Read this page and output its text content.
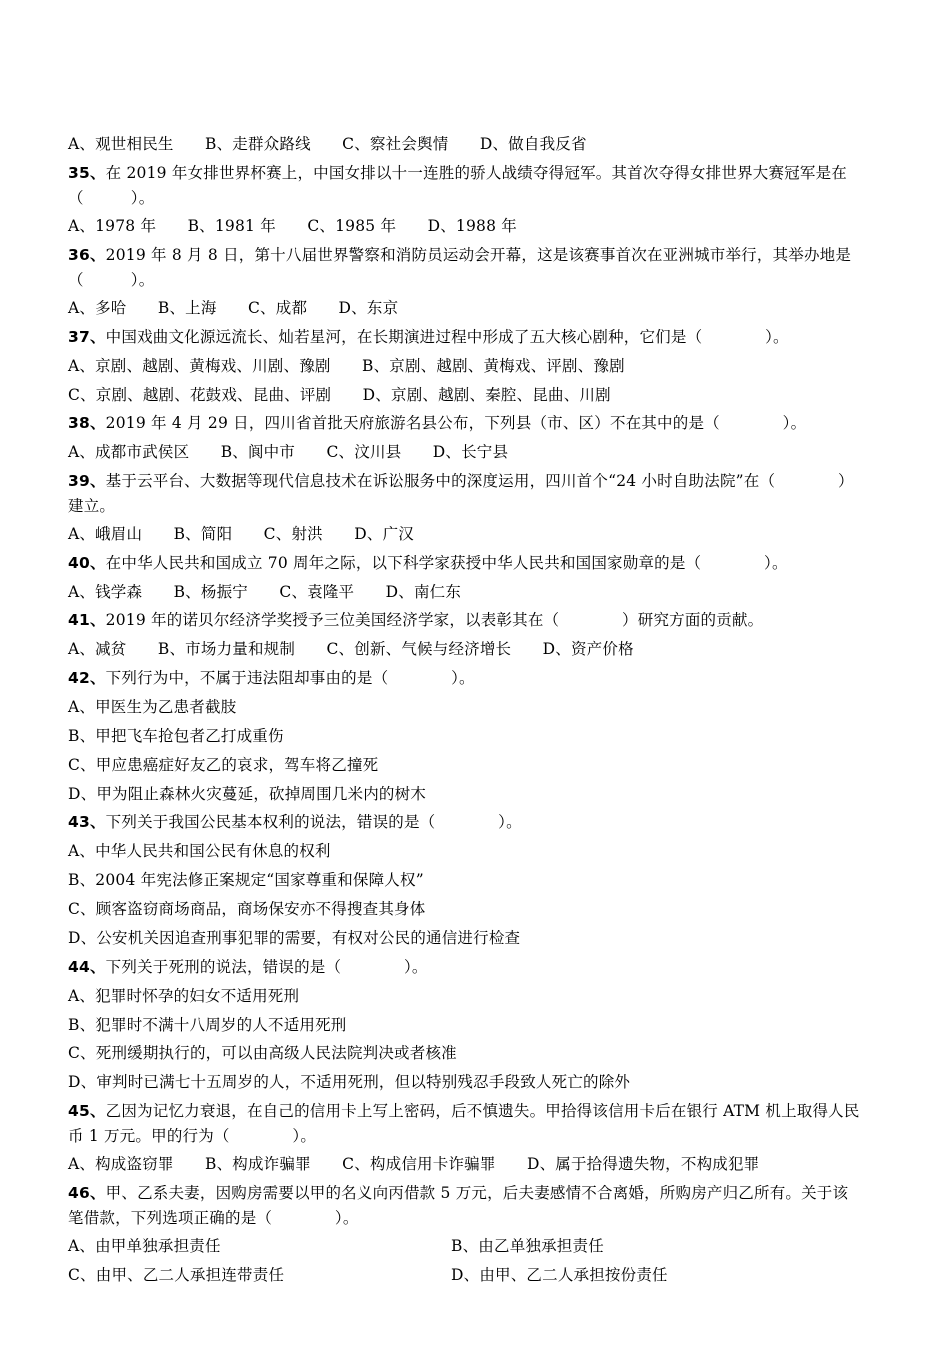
A、观世相民生　　B、走群众路线　　C、察社会舆情　　D、做自我反省
35、在 2019 年女排世界杯赛上，中国女排以十一连胜的骄人战绩夺得冠军。其首次夺得女排世界大赛冠军是在
（　　　）。
A、1978 年　　B、1981 年　　C、1985 年　　D、1988 年
36、2019 年 8 月 8 日，第十八届世界警察和消防员运动会开幕，这是该赛事首次在亚洲城市举行，其举办地是
（　　　）。
A、多哈　　B、上海　　C、成都　　D、东京
37、中国戏曲文化源远流长、灿若星河，在长期演进过程中形成了五大核心剧种，它们是（　　　　）。
A、京剧、越剧、黄梅戏、川剧、豫剧　　B、京剧、越剧、黄梅戏、评剧、豫剧
C、京剧、越剧、花鼓戏、昆曲、评剧　　D、京剧、越剧、秦腔、昆曲、川剧
38、2019 年 4 月 29 日，四川省首批天府旅游名县公布，下列县（市、区）不在其中的是（　　　　）。
A、成都市武侯区　　B、阆中市　　C、汶川县　　D、长宁县
39、基于云平台、大数据等现代信息技术在诉讼服务中的深度运用，四川首个“24 小时自助法院”在（　　　　）
建立。
A、峨眉山　　B、简阳　　C、射洪　　D、广汉
40、在中华人民共和国成立 70 周年之际，以下科学家获授中华人民共和国国家勋章的是（　　　　）。
A、钱学森　　B、杨振宁　　C、袁隆平　　D、南仁东
41、2019 年的诺贝尔经济学奖授予三位美国经济学家，以表彰其在（　　　　）研究方面的贡献。
A、减贫　　B、市场力量和规制　　C、创新、气候与经济增长　　D、资产价格
42、下列行为中，不属于违法阻却事由的是（　　　　）。
A、甲医生为乙患者截肢
B、甲把飞车抢包者乙打成重伤
C、甲应患癌症好友乙的哀求，驾车将乙撞死
D、甲为阻止森林火灾蔓延，砍掉周围几米内的树木
43、下列关于我国公民基本权利的说法，错误的是（　　　　）。
A、中华人民共和国公民有休息的权利
B、2004 年宪法修正案规定“国家尊重和保障人权”
C、顾客盗窃商场商品，商场保安亦不得搜查其身体
D、公安机关因追查刑事犯罪的需要，有权对公民的通信进行检查
44、下列关于死刑的说法，错误的是（　　　　）。
A、犯罪时怀孕的妇女不适用死刑
B、犯罪时不满十八周岁的人不适用死刑
C、死刑缓期执行的，可以由高级人民法院判决或者核准
D、审判时已满七十五周岁的人，不适用死刑，但以特别残忍手段致人死亡的除外
45、乙因为记忆力衰退，在自己的信用卡上写上密码，后不慎遗失。甲拾得该信用卡后在银行 ATM 机上取得人民
币 1 万元。甲的行为（　　　　）。
A、构成盗窃罪　　B、构成诈骗罪　　C、构成信用卡诈骗罪　　D、属于拾得遗失物，不构成犯罪
46、甲、乙系夫妻，因购房需要以甲的名义向丙借款 5 万元，后夫妻感情不合离婚，所购房产归乙所有。关于该
笔借款，下列选项正确的是（　　　　）。

A、由甲单独承担责任

	B、由乙单独承担责任

C、由甲、乙二人承担连带责任

	D、由甲、乙二人承担按份责任
